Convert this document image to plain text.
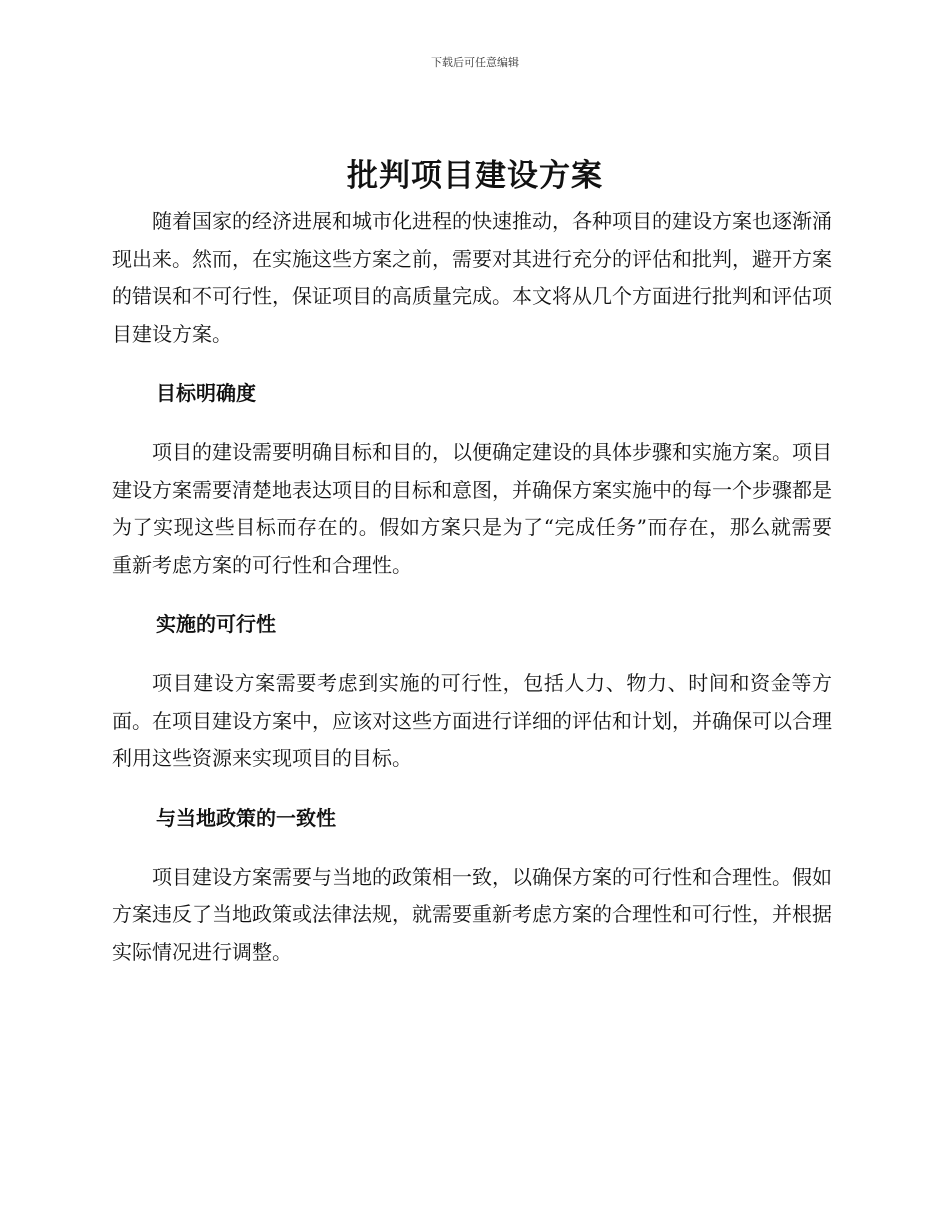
下载后可任意编辑
批判项目建设方案

随着国家的经济进展和城市化进程的快速推动，各种项目的建设方案也逐渐涌现出来。然而，在实施这些方案之前，需要对其进行充分的评估和批判，避开方案的错误和不可行性，保证项目的高质量完成。本文将从几个方面进行批判和评估项目建设方案。

目标明确度

项目的建设需要明确目标和目的，以便确定建设的具体步骤和实施方案。项目建设方案需要清楚地表达项目的目标和意图，并确保方案实施中的每一个步骤都是为了实现这些目标而存在的。假如方案只是为了“完成任务”而存在，那么就需要重新考虑方案的可行性和合理性。

实施的可行性

项目建设方案需要考虑到实施的可行性，包括人力、物力、时间和资金等方面。在项目建设方案中，应该对这些方面进行详细的评估和计划，并确保可以合理利用这些资源来实现项目的目标。

与当地政策的一致性

项目建设方案需要与当地的政策相一致，以确保方案的可行性和合理性。假如方案违反了当地政策或法律法规，就需要重新考虑方案的合理性和可行性，并根据实际情况进行调整。
